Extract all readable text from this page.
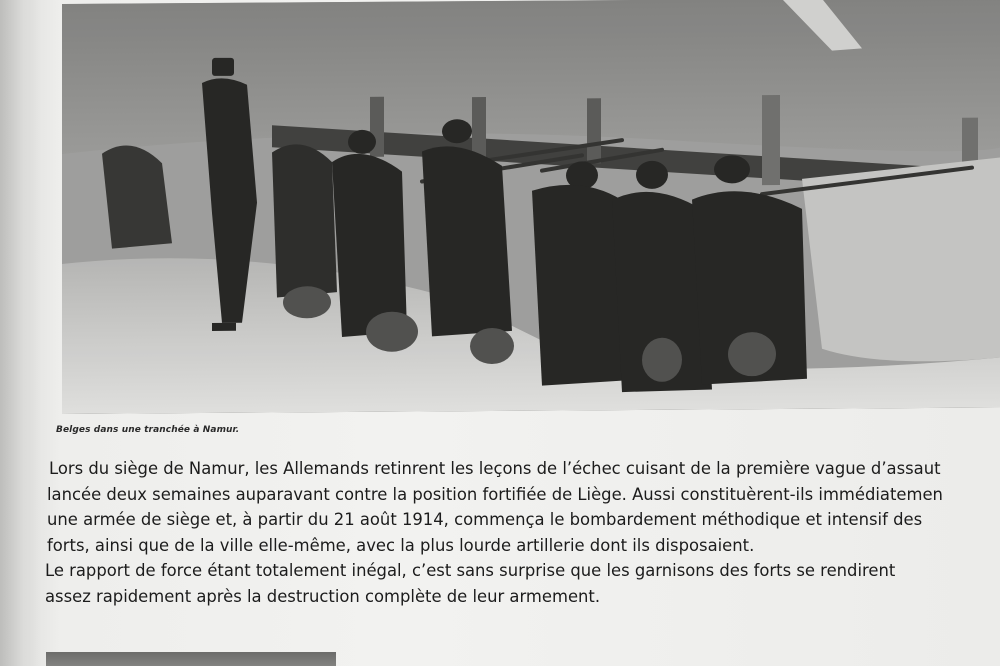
Belges dans une tranchée à Namur.
Lors du siège de Namur, les Allemands retinrent les leçons de l’échec cuisant de la première vague d’assaut
lancée deux semaines auparavant contre la position fortifiée de Liège. Aussi constituèrent-ils immédiatemen
une armée de siège et, à partir du 21 août 1914, commença le bombardement méthodique et intensif des
forts, ainsi que de la ville elle-même, avec la plus lourde artillerie dont ils disposaient.
Le rapport de force étant totalement inégal, c’est sans surprise que les garnisons des forts se rendirent
assez rapidement après la destruction complète de leur armement.
